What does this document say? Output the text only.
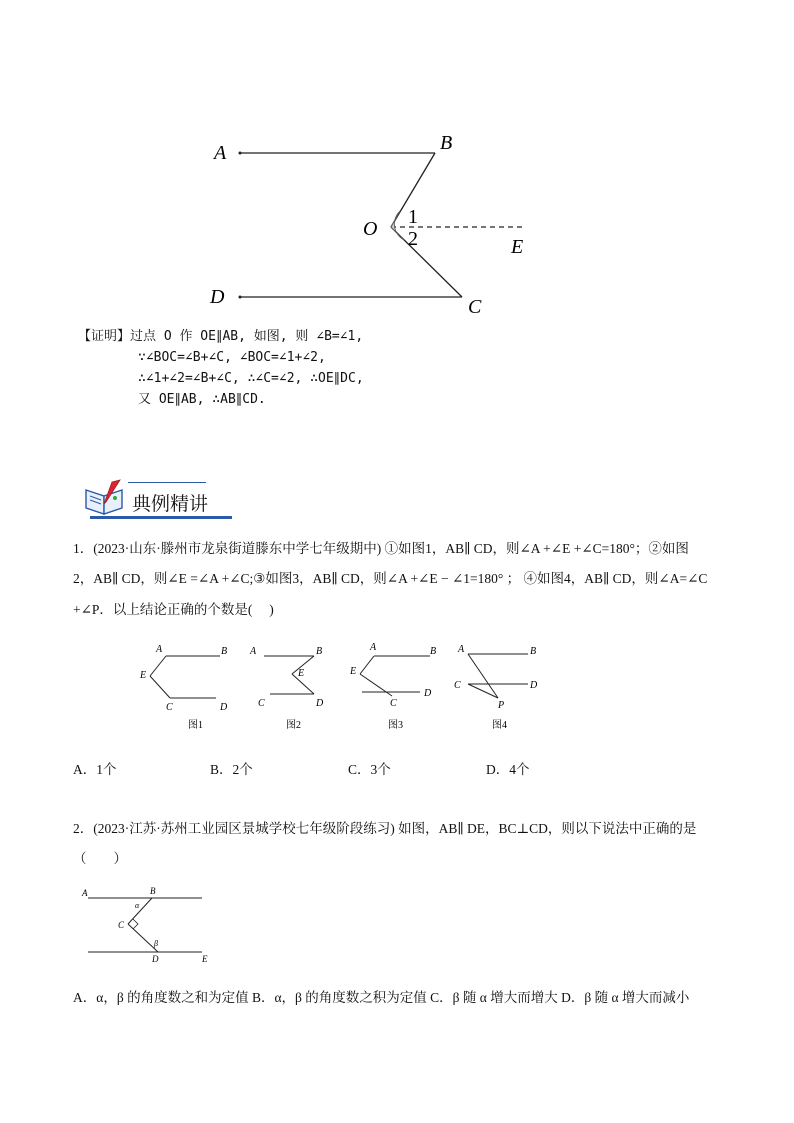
A	B
O
1
2	E
D	C
【证明】过点 O 作 OE∥AB, 如图, 则 ∠B=∠1,
∵∠BOC=∠B+∠C, ∠BOC=∠1+∠2,
∴∠1+∠2=∠B+∠C, ∴∠C=∠2, ∴OE∥DC,
又 OE∥AB, ∴AB∥CD.
典例精讲
1．(2023·山东·滕州市龙泉街道滕东中学七年级期中) ①如图1，AB∥ CD，则∠A +∠E +∠C=180°；②如图
2，AB∥ CD，则∠E =∠A +∠C;③如图3，AB∥ CD，则∠A +∠E − ∠1=180° ； ④如图4，AB∥ CD，则∠A=∠C
+∠P．以上结论正确的个数是(　 )
A	B
E
C	D
图1
A	B
E
C	D
图2
A	B
E
C
D
图3
A	B
C	D
P
图4
A．1个	B．2个	C．3个	D．4个
2．(2023·江苏·苏州工业园区景城学校七年级阶段练习) 如图，AB∥ DE，BC⊥CD，则以下说法中正确的是
（　　）
A	B
α
C
β
D	E
A．α，β 的角度数之和为定值 B．α，β 的角度数之积为定值 C．β 随 α 增大而增大 D．β 随 α 增大而减小
